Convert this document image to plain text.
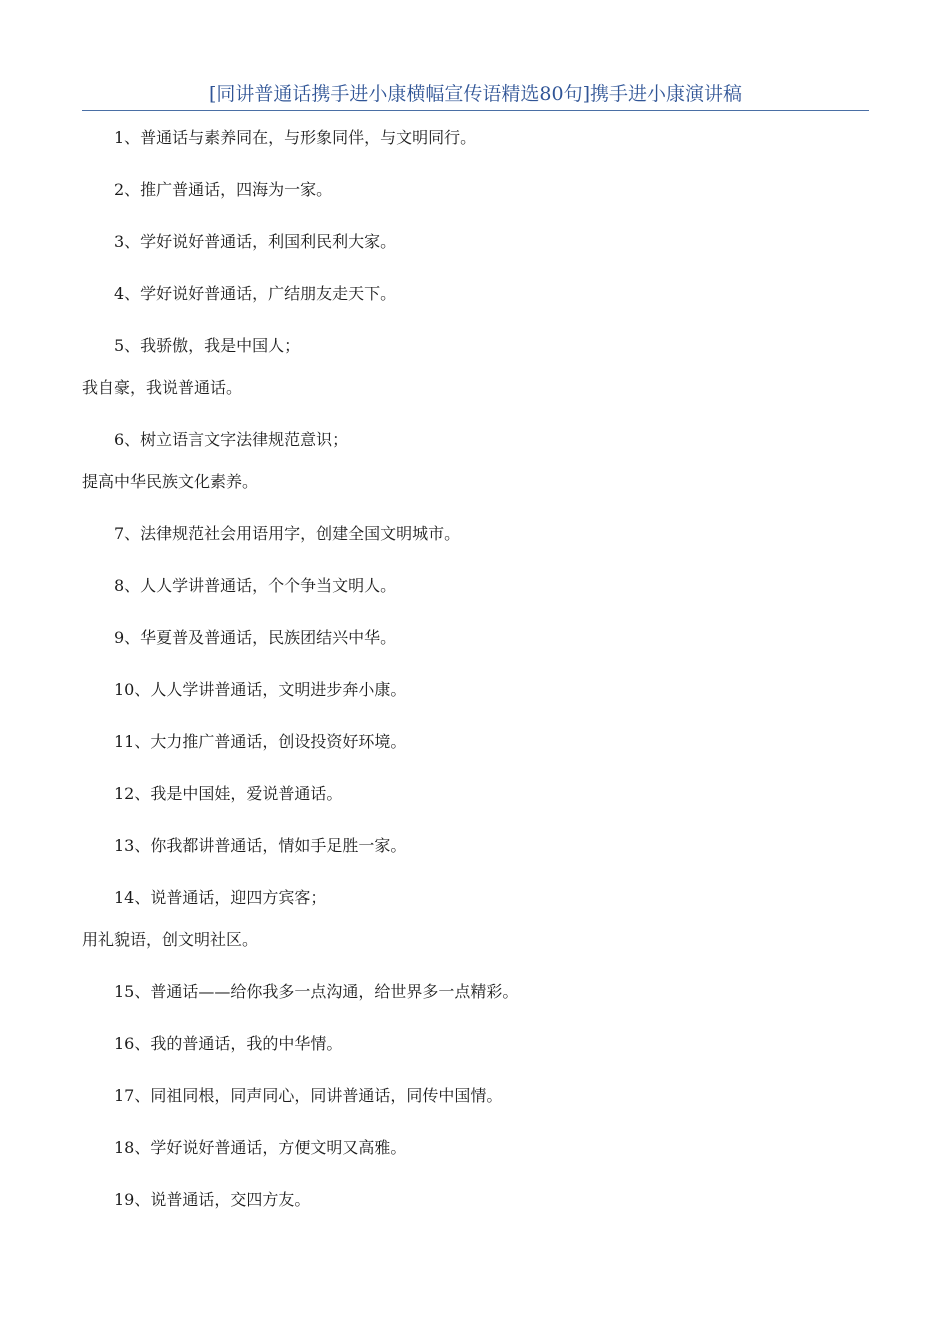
[同讲普通话携手进小康横幅宣传语精选80句]携手进小康演讲稿
1、普通话与素养同在，与形象同伴，与文明同行。
2、推广普通话，四海为一家。
3、学好说好普通话，利国利民利大家。
4、学好说好普通话，广结朋友走天下。
5、我骄傲，我是中国人；
我自豪，我说普通话。
6、树立语言文字法律规范意识；
提高中华民族文化素养。
7、法律规范社会用语用字，创建全国文明城市。
8、人人学讲普通话，个个争当文明人。
9、华夏普及普通话，民族团结兴中华。
10、人人学讲普通话，文明进步奔小康。
11、大力推广普通话，创设投资好环境。
12、我是中国娃，爱说普通话。
13、你我都讲普通话，情如手足胜一家。
14、说普通话，迎四方宾客；
用礼貌语，创文明社区。
15、普通话——给你我多一点沟通，给世界多一点精彩。
16、我的普通话，我的中华情。
17、同祖同根，同声同心，同讲普通话，同传中国情。
18、学好说好普通话，方便文明又高雅。
19、说普通话，交四方友。
